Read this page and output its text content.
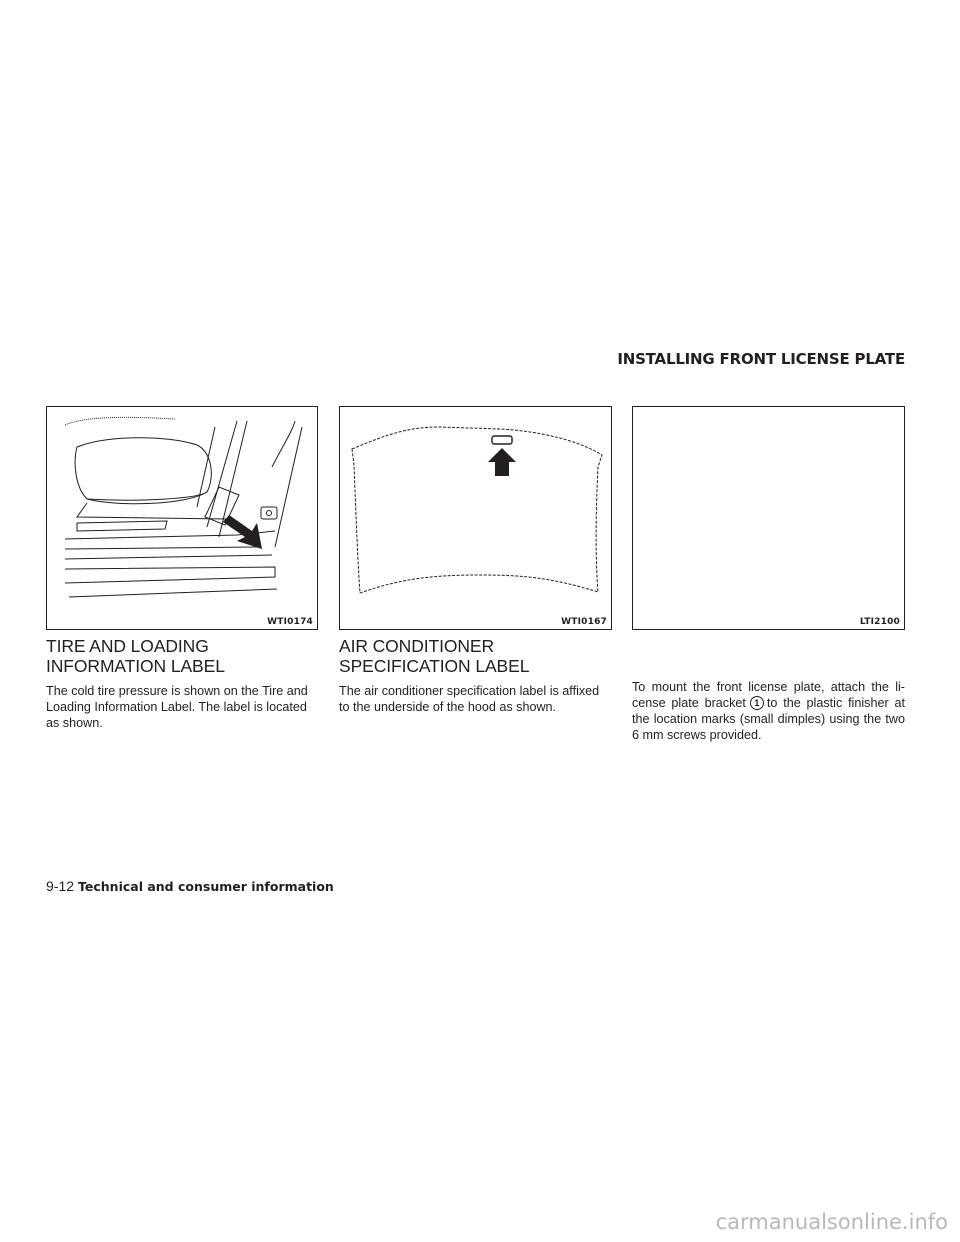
INSTALLING FRONT LICENSE PLATE
WTI0174	WTI0167	LTI2100
TIRE AND LOADING INFORMATION LABEL

The cold tire pressure is shown on the Tire and Loading Information Label. The label is located as shown.

AIR CONDITIONER SPECIFICATION LABEL

The air conditioner specification label is affixed to the underside of the hood as shown.

To mount the front license plate, attach the li-cense plate bracket 1 to the plastic finisher at the location marks (small dimples) using the two 6 mm screws provided.

9-12 Technical and consumer information
carmanualsonline.info
